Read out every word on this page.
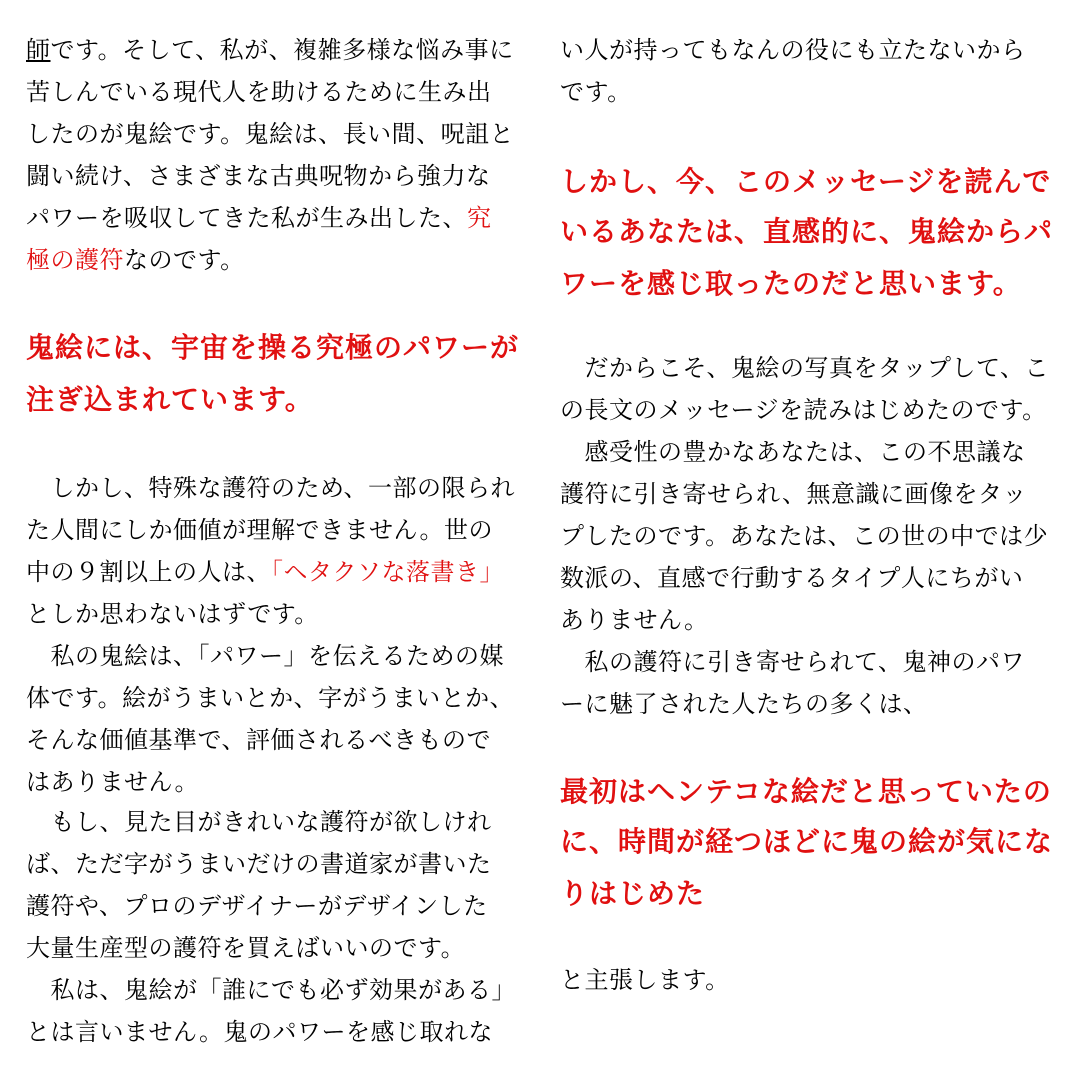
師です。そして、私が、複雑多様な悩み事に
苦しんでいる現代人を助けるために生み出
したのが鬼絵です。鬼絵は、長い間、呪詛と
闘い続け、さまざまな古典呪物から強力な
パワーを吸収してきた私が生み出した、究
極の護符なのです。
鬼絵には、宇宙を操る究極のパワーが
注ぎ込まれています。
　しかし、特殊な護符のため、一部の限られ
た人間にしか価値が理解できません。世の
中の９割以上の人は、「ヘタクソな落書き」
としか思わないはずです。
　私の鬼絵は、「パワー」を伝えるための媒
体です。絵がうまいとか、字がうまいとか、
そんな価値基準で、評価されるべきもので
はありません。
　もし、見た目がきれいな護符が欲しけれ
ば、ただ字がうまいだけの書道家が書いた
護符や、プロのデザイナーがデザインした
大量生産型の護符を買えばいいのです。
　私は、鬼絵が「誰にでも必ず効果がある」
とは言いません。鬼のパワーを感じ取れな
い人が持ってもなんの役にも立たないから
です。
しかし、今、このメッセージを読んで
いるあなたは、直感的に、鬼絵からパ
ワーを感じ取ったのだと思います。
　だからこそ、鬼絵の写真をタップして、こ
の長文のメッセージを読みはじめたのです。
　感受性の豊かなあなたは、この不思議な
護符に引き寄せられ、無意識に画像をタッ
プしたのです。あなたは、この世の中では少
数派の、直感で行動するタイプ人にちがい
ありません。
　私の護符に引き寄せられて、鬼神のパワ
ーに魅了された人たちの多くは、
最初はヘンテコな絵だと思っていたの
に、時間が経つほどに鬼の絵が気にな
りはじめた
と主張します。
